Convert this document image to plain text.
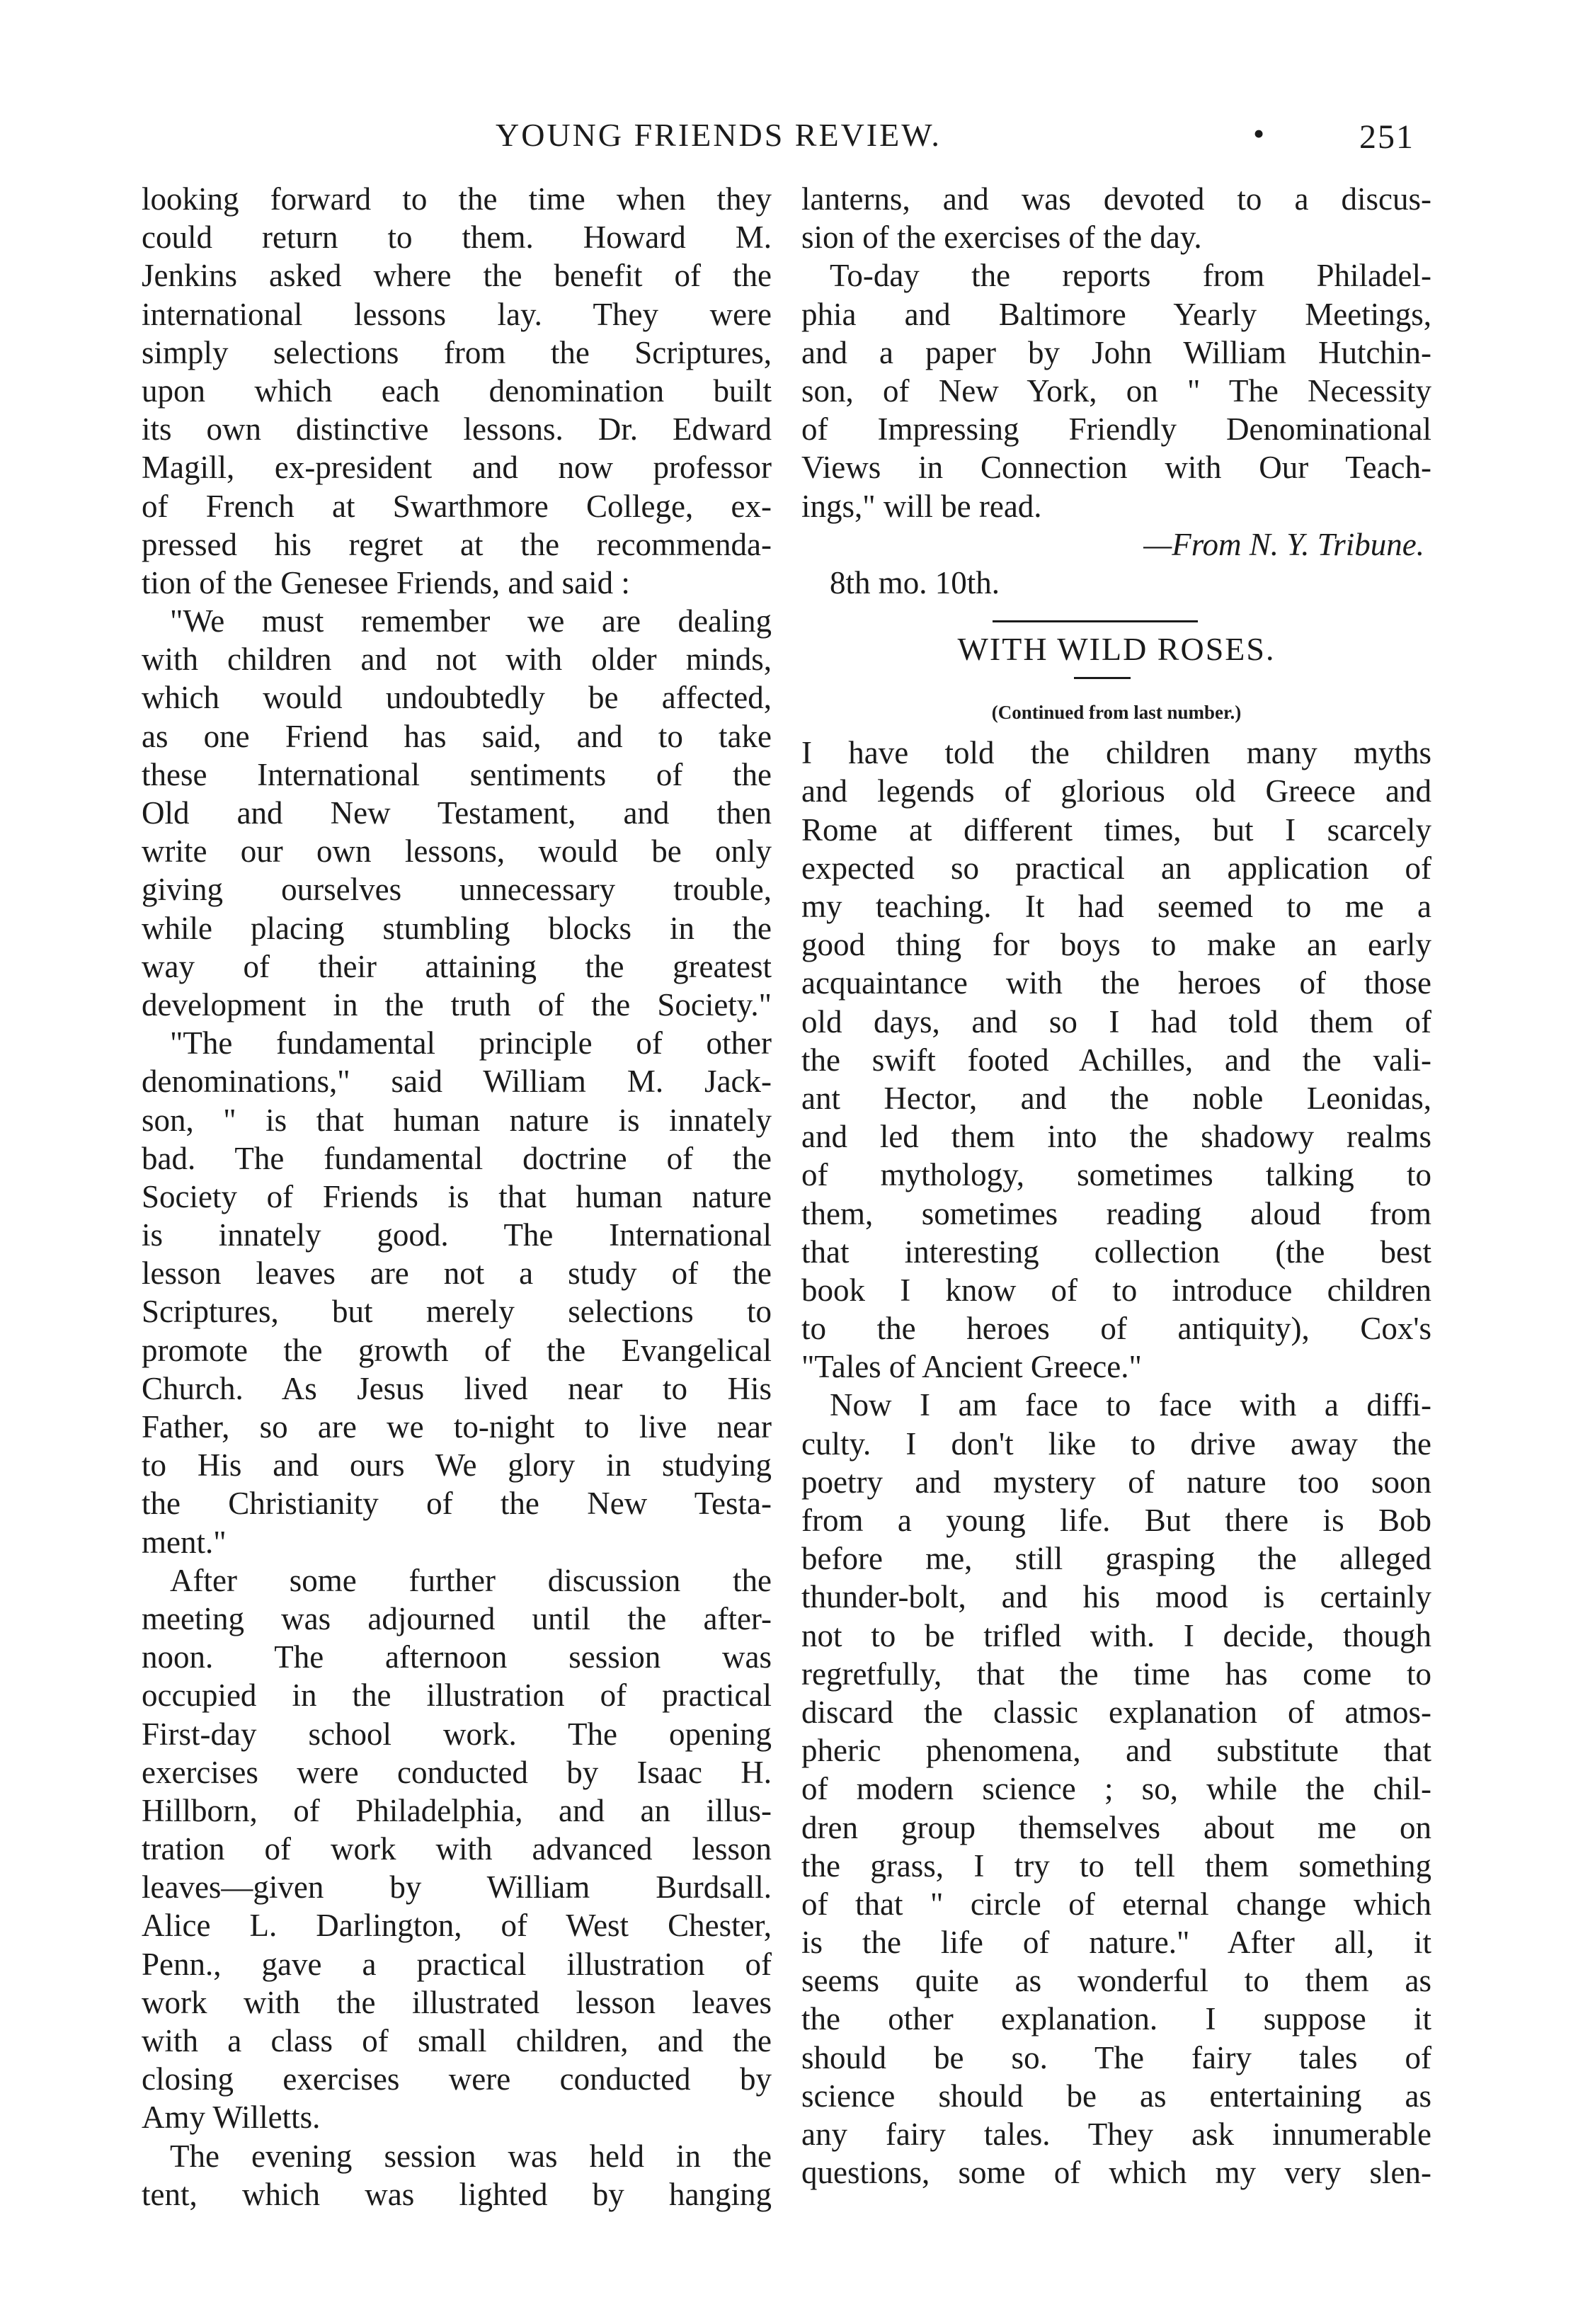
YOUNG FRIENDS REVIEW.	•	251
looking forward to the time when they
could return to them. Howard M.
Jenkins asked where the benefit of the
international lessons lay. They were
simply selections from the Scriptures,
upon which each denomination built
its own distinctive lessons. Dr. Edward
Magill, ex-president and now professor
of French at Swarthmore College, ex-
pressed his regret at the recommenda-
tion of the Genesee Friends, and said :
"We must remember we are dealing
with children and not with older minds,
which would undoubtedly be affected,
as one Friend has said, and to take
these International sentiments of the
Old and New Testament, and then
write our own lessons, would be only
giving ourselves unnecessary trouble,
while placing stumbling blocks in the
way of their attaining the greatest
development in the truth of the Society."
"The fundamental principle of other
denominations," said William M. Jack-
son, " is that human nature is innately
bad. The fundamental doctrine of the
Society of Friends is that human nature
is innately good. The International
lesson leaves are not a study of the
Scriptures, but merely selections to
promote the growth of the Evangelical
Church. As Jesus lived near to His
Father, so are we to-night to live near
to His and ours We glory in studying
the Christianity of the New Testa-
ment."
After some further discussion the
meeting was adjourned until the after-
noon. The afternoon session was
occupied in the illustration of practical
First-day school work. The opening
exercises were conducted by Isaac H.
Hillborn, of Philadelphia, and an illus-
tration of work with advanced lesson
leaves—given by William Burdsall.
Alice L. Darlington, of West Chester,
Penn., gave a practical illustration of
work with the illustrated lesson leaves
with a class of small children, and the
closing exercises were conducted by
Amy Willetts.
The evening session was held in the
tent, which was lighted by hanging
lanterns, and was devoted to a discus-
sion of the exercises of the day.
To-day the reports from Philadel-
phia and Baltimore Yearly Meetings,
and a paper by John William Hutchin-
son, of New York, on " The Necessity
of Impressing Friendly Denominational
Views in Connection with Our Teach-
ings," will be read.
—From N. Y. Tribune.
8th mo. 10th.
WITH WILD ROSES.
(Continued from last number.)
I have told the children many myths
and legends of glorious old Greece and
Rome at different times, but I scarcely
expected so practical an application of
my teaching. It had seemed to me a
good thing for boys to make an early
acquaintance with the heroes of those
old days, and so I had told them of
the swift footed Achilles, and the vali-
ant Hector, and the noble Leonidas,
and led them into the shadowy realms
of mythology, sometimes talking to
them, sometimes reading aloud from
that interesting collection (the best
book I know of to introduce children
to the heroes of antiquity), Cox's
"Tales of Ancient Greece."
Now I am face to face with a diffi-
culty. I don't like to drive away the
poetry and mystery of nature too soon
from a young life. But there is Bob
before me, still grasping the alleged
thunder-bolt, and his mood is certainly
not to be trifled with. I decide, though
regretfully, that the time has come to
discard the classic explanation of atmos-
pheric phenomena, and substitute that
of modern science ; so, while the chil-
dren group themselves about me on
the grass, I try to tell them something
of that " circle of eternal change which
is the life of nature." After all, it
seems quite as wonderful to them as
the other explanation. I suppose it
should be so. The fairy tales of
science should be as entertaining as
any fairy tales. They ask innumerable
questions, some of which my very slen-
